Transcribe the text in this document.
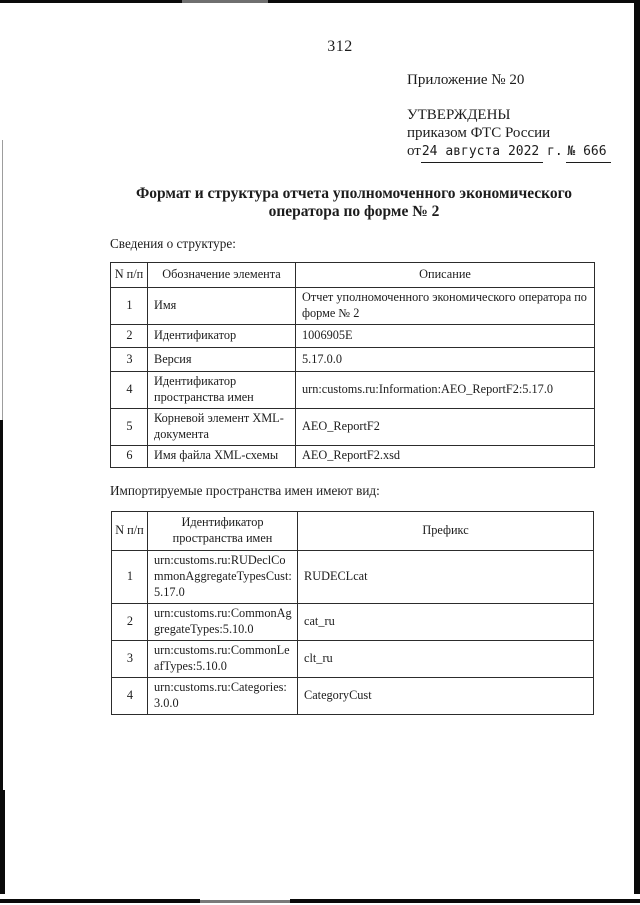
312
Приложение № 20
УТВЕРЖДЕНЫ
приказом ФТС России
от24 августа 2022 г. № 666
Формат и структура отчета уполномоченного экономического оператора по форме № 2
Сведения о структуре:
N п/п	Обозначение элемента	Описание
1	Имя	Отчет уполномоченного экономического оператора по форме № 2
2	Идентификатор	1006905E
3	Версия	5.17.0.0
4	Идентификатор пространства имен	urn:customs.ru:Information:AEO_ReportF2:5.17.0
5	Корневой элемент XML-документа	AEO_ReportF2
6	Имя файла XML-схемы	AEO_ReportF2.xsd
Импортируемые пространства имен имеют вид:
N п/п	Идентификатор пространства имен	Префикс
1	urn:customs.ru:RUDeclCommonAggregateTypesCust:5.17.0	RUDECLcat
2	urn:customs.ru:CommonAggregateTypes:5.10.0	cat_ru
3	urn:customs.ru:CommonLeafTypes:5.10.0	clt_ru
4	urn:customs.ru:Categories:3.0.0	CategoryCust
